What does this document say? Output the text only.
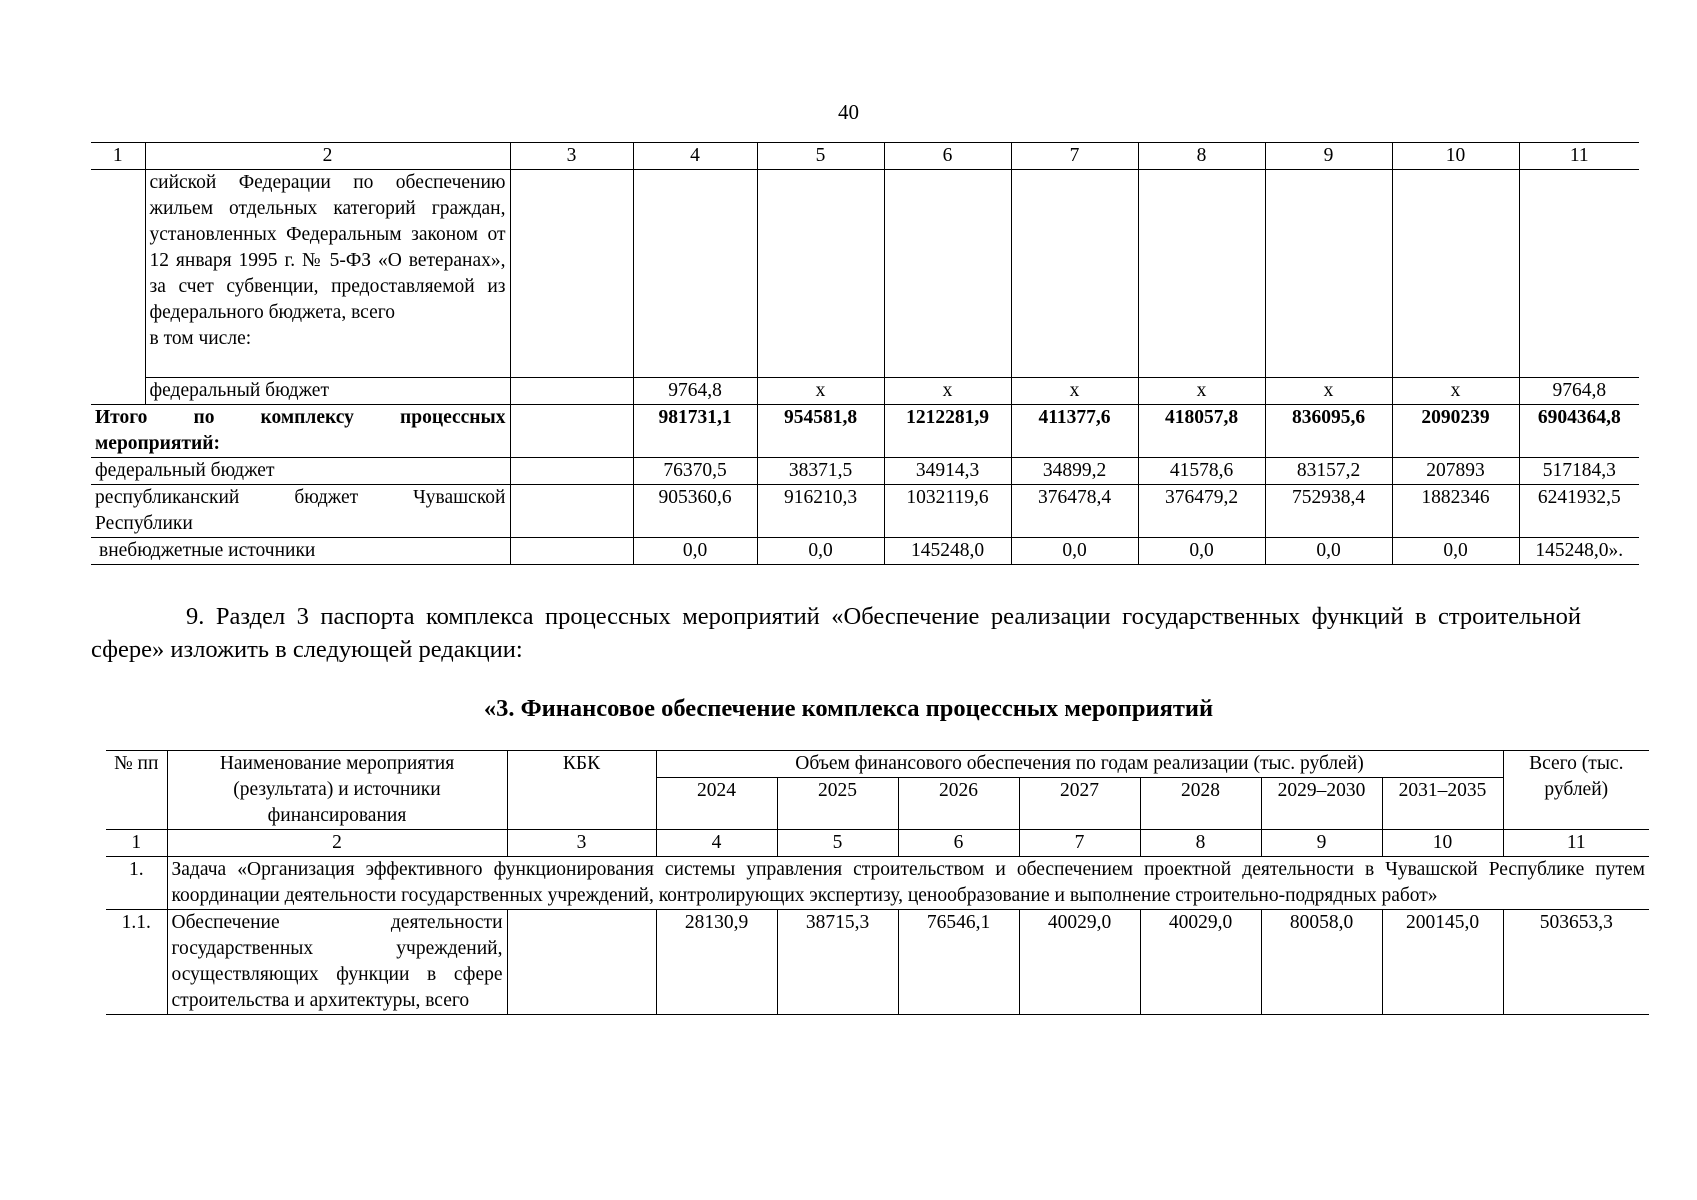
40
1	2	3	4	5	6	7	8	9	10	11
	сийской Федерации по обеспечению жильем отдельных категорий граждан, установленных Федеральным законом от 12 января 1995 г. № 5-ФЗ «О ветеранах», за счет субвенции, предоставляемой из федерального бюджета, всего
в том числе:									
	федеральный бюджет		9764,8	x	x	x	x	x	x	9764,8
Итого по комплексу процессных мероприятий:			981731,1	954581,8	1212281,9	411377,6	418057,8	836095,6	2090239	6904364,8
федеральный бюджет			76370,5	38371,5	34914,3	34899,2	41578,6	83157,2	207893	517184,3
республиканский бюджет Чувашской Республики			905360,6	916210,3	1032119,6	376478,4	376479,2	752938,4	1882346	6241932,5
внебюджетные источники			0,0	0,0	145248,0	0,0	0,0	0,0	0,0	145248,0».
9. Раздел 3 паспорта комплекса процессных мероприятий «Обеспечение реализации государственных функций в строительной сфере» изложить в следующей редакции:
«3. Финансовое обеспечение комплекса процессных мероприятий
№ пп	Наименование мероприятия (результата) и источники финансирования	КБК	Объем финансового обеспечения по годам реализации (тыс. рублей)							Всего (тыс. рублей)
			2024	2025	2026	2027	2028	2029–2030	2031–2035	
1	2	3	4	5	6	7	8	9	10	11
1.	Задача «Организация эффективного функционирования системы управления строительством и обеспечением проектной деятельности в Чувашской Республике путем координации деятельности государственных учреждений, контролирующих экспертизу, ценообразование и выполнение строительно-подрядных работ»									
1.1.	Обеспечение деятельности государственных учреждений, осуществляющих функции в сфере строительства и архитектуры, всего		28130,9	38715,3	76546,1	40029,0	40029,0	80058,0	200145,0	503653,3
